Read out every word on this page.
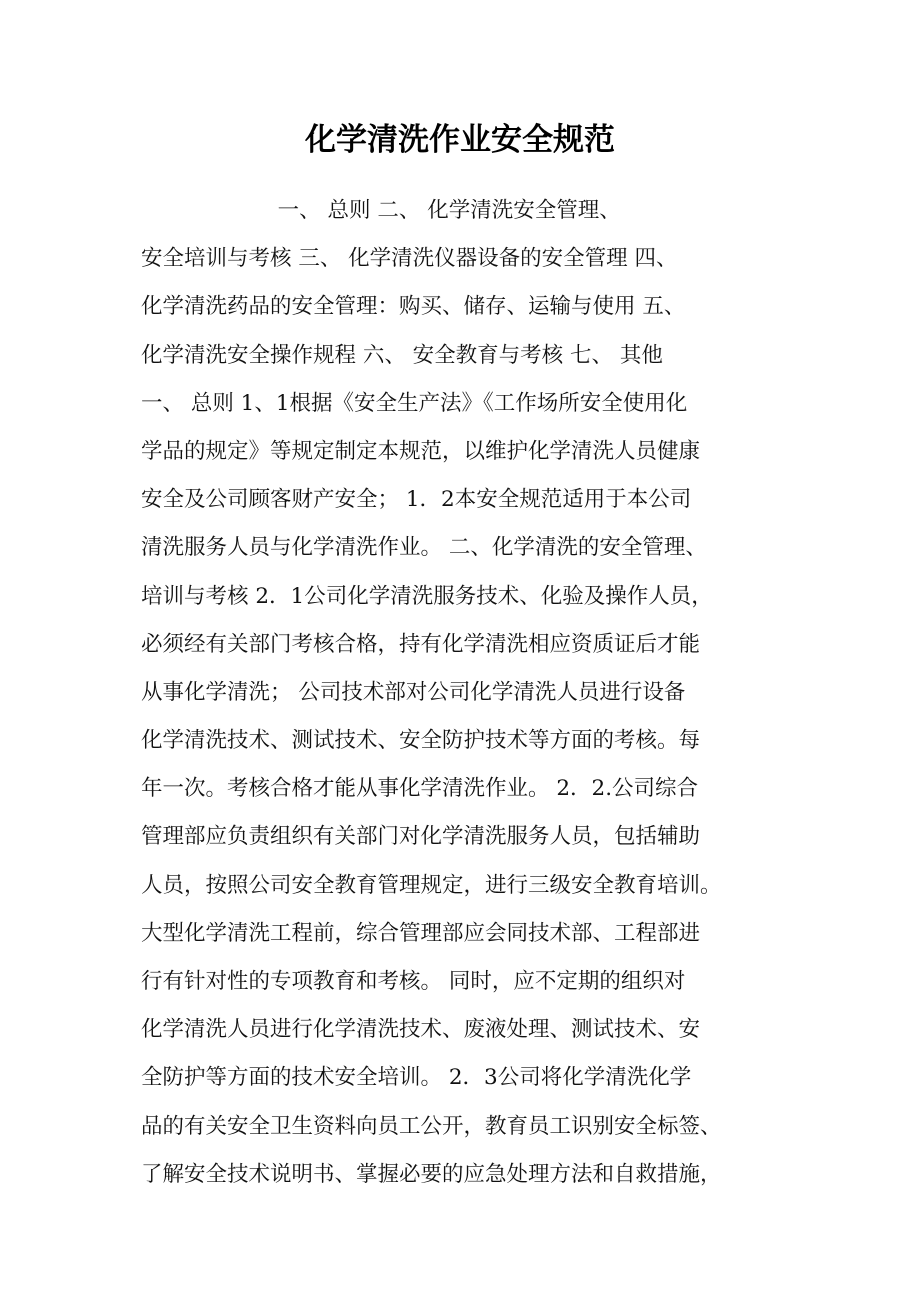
化学清洗作业安全规范
一、 总则 二、 化学清洗安全管理、
安全培训与考核 三、 化学清洗仪器设备的安全管理 四、
化学清洗药品的安全管理：购买、储存、运输与使用 五、
化学清洗安全操作规程 六、 安全教育与考核 七、 其他
一、 总则 1、1根据《安全生产法》《工作场所安全使用化
学品的规定》等规定制定本规范，以维护化学清洗人员健康
安全及公司顾客财产安全； 1．2本安全规范适用于本公司
清洗服务人员与化学清洗作业。 二、化学清洗的安全管理、
培训与考核 2．1公司化学清洗服务技术、化验及操作人员，
必须经有关部门考核合格，持有化学清洗相应资质证后才能
从事化学清洗； 公司技术部对公司化学清洗人员进行设备
化学清洗技术、测试技术、安全防护技术等方面的考核。每
年一次。考核合格才能从事化学清洗作业。 2．2.公司综合
管理部应负责组织有关部门对化学清洗服务人员，包括辅助
人员，按照公司安全教育管理规定，进行三级安全教育培训。
大型化学清洗工程前，综合管理部应会同技术部、工程部进
行有针对性的专项教育和考核。 同时，应不定期的组织对
化学清洗人员进行化学清洗技术、废液处理、测试技术、安
全防护等方面的技术安全培训。 2．3公司将化学清洗化学
品的有关安全卫生资料向员工公开，教育员工识别安全标签、
了解安全技术说明书、掌握必要的应急处理方法和自救措施，
